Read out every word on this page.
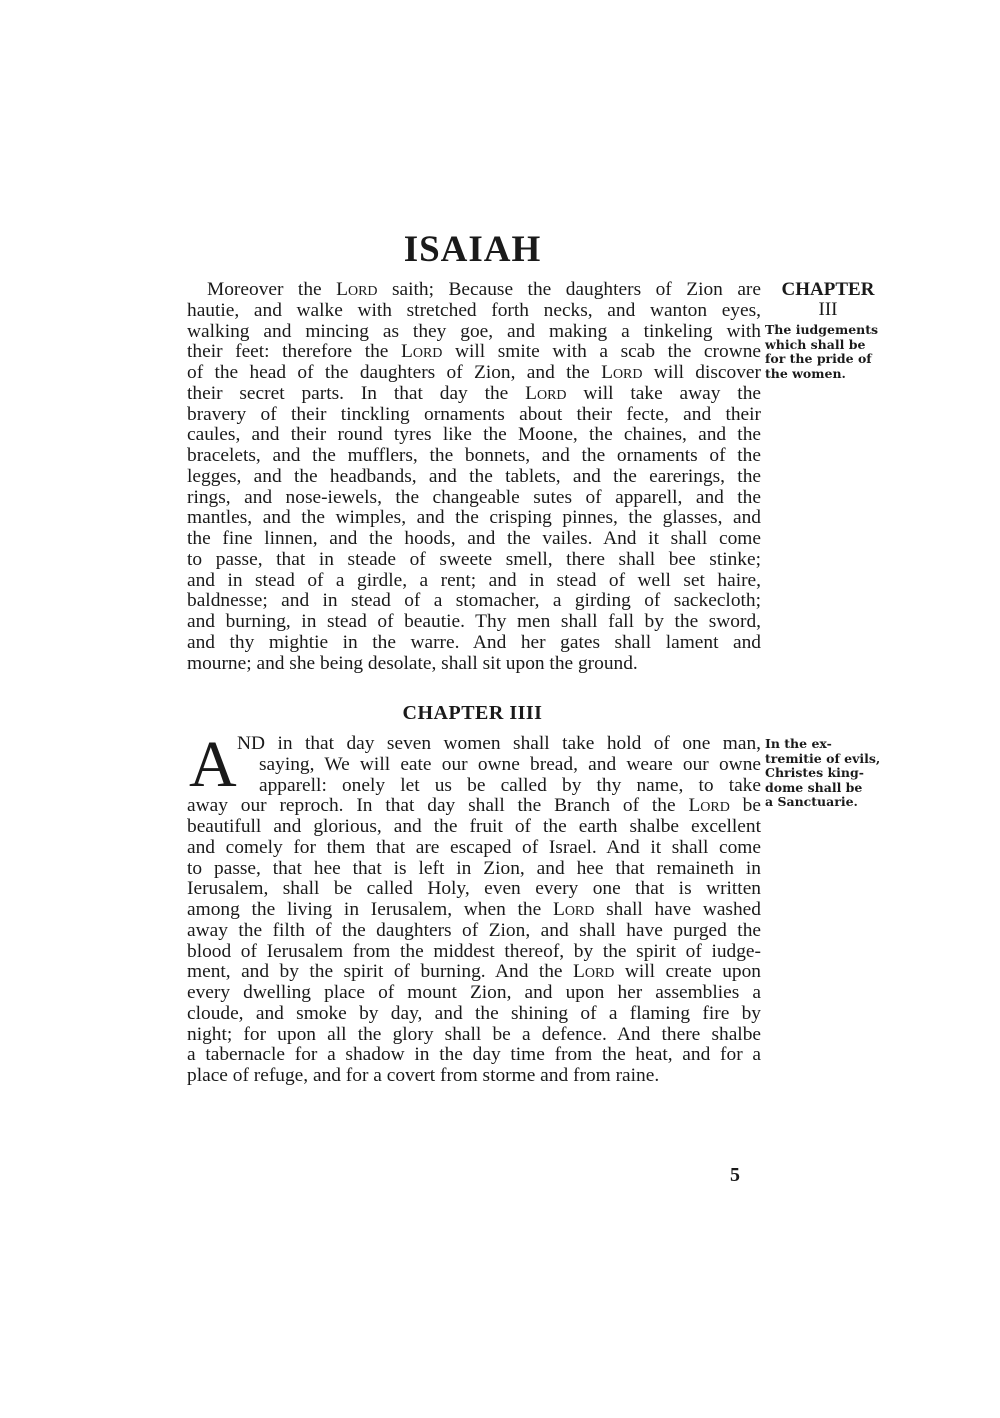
ISAIAH
CHAPTER
III
The iudgements
which shall be
for the pride of
the women.
Moreover the Lord saith; Because the daughters of Zion are
hautie, and walke with stretched forth necks, and wanton eyes,
walking and mincing as they goe, and making a tinkeling with
their feet: therefore the Lord will smite with a scab the crowne
of the head of the daughters of Zion, and the Lord will discover
their secret parts. In that day the Lord will take away the
bravery of their tinckling ornaments about their fecte, and their
caules, and their round tyres like the Moone, the chaines, and the
bracelets, and the mufflers, the bonnets, and the ornaments of the
legges, and the headbands, and the tablets, and the earerings, the
rings, and nose-iewels, the changeable sutes of apparell, and the
mantles, and the wimples, and the crisping pinnes, the glasses, and
the fine linnen, and the hoods, and the vailes. And it shall come
to passe, that in steade of sweete smell, there shall bee stinke;
and in stead of a girdle, a rent; and in stead of well set haire,
baldnesse; and in stead of a stomacher, a girding of sackecloth;
and burning, in stead of beautie. Thy men shall fall by the sword,
and thy mightie in the warre. And her gates shall lament and
mourne; and she being desolate, shall sit upon the ground.
CHAPTER IIII
A	In the ex-
tremitie of evils,
Christes king-
dome shall be
a Sanctuarie.
ND in that day seven women shall take hold of one man,
saying, We will eate our owne bread, and weare our owne
apparell: onely let us be called by thy name, to take
away our reproch. In that day shall the Branch of the Lord be
beautifull and glorious, and the fruit of the earth shalbe excellent
and comely for them that are escaped of Israel. And it shall come
to passe, that hee that is left in Zion, and hee that remaineth in
Ierusalem, shall be called Holy, even every one that is written
among the living in Ierusalem, when the Lord shall have washed
away the filth of the daughters of Zion, and shall have purged the
blood of Ierusalem from the middest thereof, by the spirit of iudge-
ment, and by the spirit of burning. And the Lord will create upon
every dwelling place of mount Zion, and upon her assemblies a
cloude, and smoke by day, and the shining of a flaming fire by
night; for upon all the glory shall be a defence. And there shalbe
a tabernacle for a shadow in the day time from the heat, and for a
place of refuge, and for a covert from storme and from raine.
5
